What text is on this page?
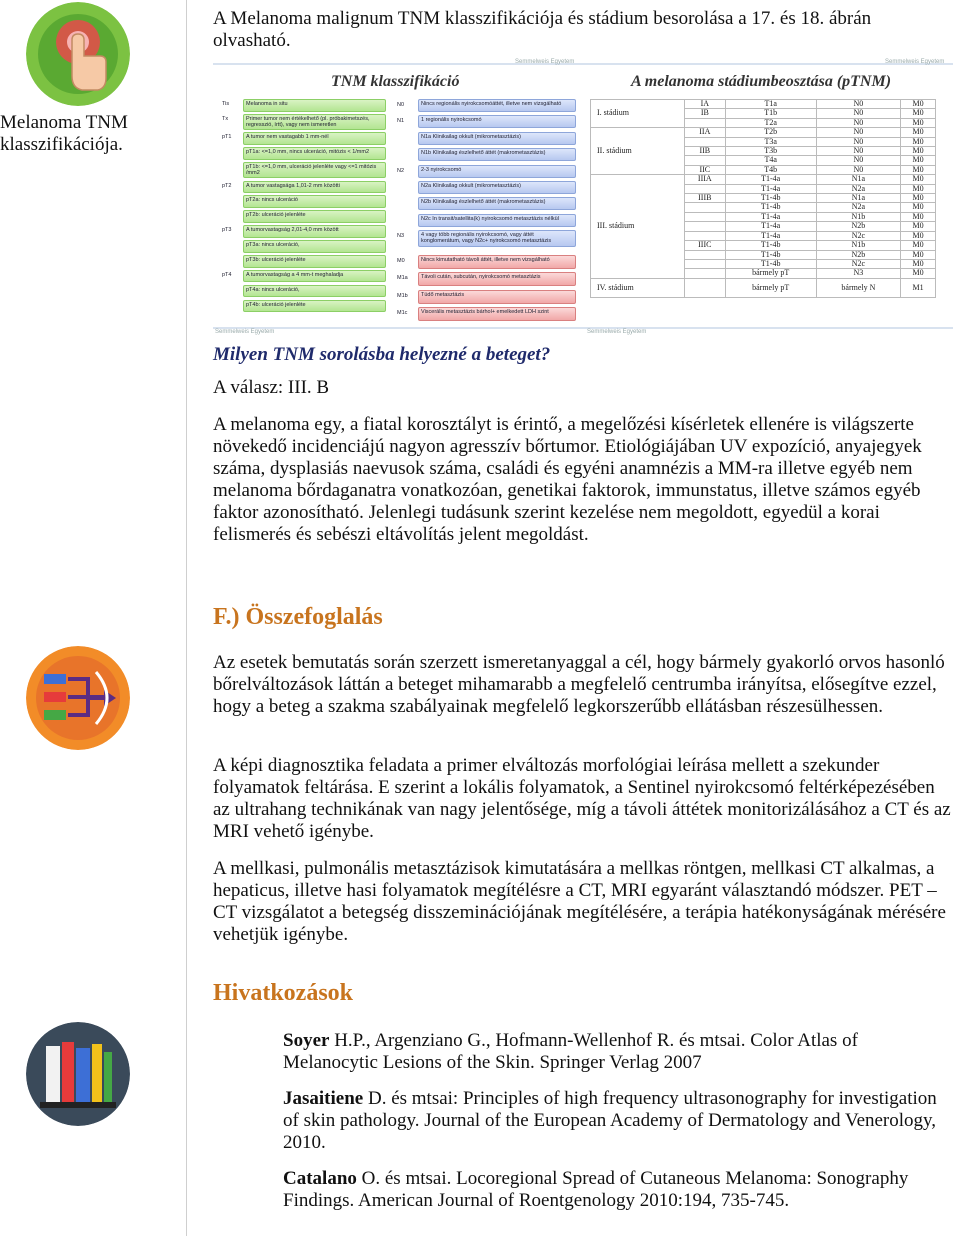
Melanoma TNM klasszifikációja.

A Melanoma malignum TNM klasszifikációja és stádium besorolása a 17. és 18. ábrán olvasható.

Semmelweis Egyetem	Semmelweis Egyetem
TNM klasszifikáció	A melanoma stádiumbeosztása (pTNM)
I. stádium	IA	T1a	N0	M0
	IB	T1b	N0	M0
		T2a	N0	M0
II. stádium	IIA	T2b	N0	M0
		T3a	N0	M0
	IIB	T3b	N0	M0
		T4a	N0	M0
	IIC	T4b	N0	M0
III. stádium	IIIA	T1-4a	N1a	M0
		T1-4a	N2a	M0
	IIIB	T1-4b	N1a	M0
		T1-4b	N2a	M0
		T1-4a	N1b	M0
		T1-4a	N2b	M0
		T1-4a	N2c	M0
	IIIC	T1-4b	N1b	M0
		T1-4b	N2b	M0
		T1-4b	N2c	M0
		bármely pT	N3	M0
IV. stádium		bármely pT	bármely N	M1
Semmelweis Egyetem	Semmelweis Egyetem
Tis	Melanoma in situ
Tx	Primer tumor nem értékelhető (pl. próbakimetszés, regresszió, írtt), vagy nem ismeretlen
pT1	A tumor nem vastagabb 1 mm-nél
pT1a: <=1,0 mm, nincs ulceráció, mitózis < 1/mm2
pT1b: <=1,0 mm, ulceráció jelenléte vagy <=1 mitózis /mm2
pT2	A tumor vastagsága 1,01-2 mm közötti
pT2a: nincs ulceráció
pT2b: ulceráció jelenléte
pT3	A tumorvastagság 2,01-4,0 mm között
pT3a: nincs ulceráció,
pT3b: ulceráció jelenléte
pT4	A tumorvastagság a 4 mm-t meghaladja
pT4a: nincs ulceráció,
pT4b: ulceráció jelenléte
N0	Nincs regionális nyirokcsomóáttét, illetve nem vizsgálható
N1	1 regionális nyirokcsomó
N1a Klinikailag okkult (mikrometasztázis)
N1b Klinikailag észlelhető áttét (makrometasztázis)
N2	2-3 nyirokcsomó
N2a Klinikailag okkult (mikrometasztázis)
N2b Klinikailag észlelhető áttét (makrometasztázis)
N2c In transit/satellita(k) nyirokcsomó metasztázis nélkül
N3	4 vagy több regionális nyirokcsomó, vagy áttét konglomerátum, vagy N2c+ nyirokcsomó metasztázis
M0	Nincs kimutatható távoli áttét, illetve nem vizsgálható
M1a	Távoli cután, subcután, nyirokcsomó metasztázis
M1b	Tüdő metasztázis
M1c	Viscerális metasztázis bárhol+ emelkedett LDH szint

Milyen TNM sorolásba helyezné a beteget?

A válasz: III. B

A melanoma egy, a fiatal korosztályt is érintő, a megelőzési kísérletek ellenére is világszerte növekedő incidenciájú nagyon agresszív bőrtumor. Etiológiájában UV expozíció, anyajegyek száma, dysplasiás naevusok száma, családi és egyéni anamnézis a MM-ra illetve egyéb nem melanoma bőrdaganatra vonatkozóan, genetikai faktorok, immunstatus, illetve számos egyéb faktor azonosítható. Jelenlegi tudásunk szerint kezelése nem megoldott, egyedül a korai felismerés és sebészi eltávolítás jelent megoldást.

F.) Összefoglalás

Az esetek bemutatás során szerzett ismeretanyaggal a cél, hogy bármely gyakorló orvos hasonló bőrelváltozások láttán a beteget mihamarabb a megfelelő centrumba irányítsa, elősegítve ezzel, hogy a beteg a szakma szabályainak megfelelő legkorszerűbb ellátásban részesülhessen.

A képi diagnosztika feladata a primer elváltozás morfológiai leírása mellett a szekunder folyamatok feltárása. E szerint a lokális folyamatok, a Sentinel nyirokcsomó feltérképezésében az ultrahang technikának van nagy jelentősége, míg a távoli áttétek monitorizálásához a CT és az MRI vehető igénybe.

A mellkasi, pulmonális metasztázisok kimutatására a mellkas röntgen, mellkasi CT alkalmas, a hepaticus, illetve hasi folyamatok megítélésre a CT, MRI egyaránt választandó módszer. PET –CT vizsgálatot a betegség disszeminációjának megítélésére, a terápia hatékonyságának mérésére vehetjük igénybe.

Hivatkozások
Soyer H.P., Argenziano G., Hofmann-Wellenhof R. és mtsai. Color Atlas of Melanocytic Lesions of the Skin. Springer Verlag 2007
Jasaitiene D. és mtsai: Principles of high frequency ultrasonography for investigation of skin pathology. Journal of the European Academy of Dermatology and Venerology, 2010.
Catalano O. és mtsai. Locoregional Spread of Cutaneous Melanoma: Sonography Findings. American Journal of Roentgenology 2010:194, 735-745.
